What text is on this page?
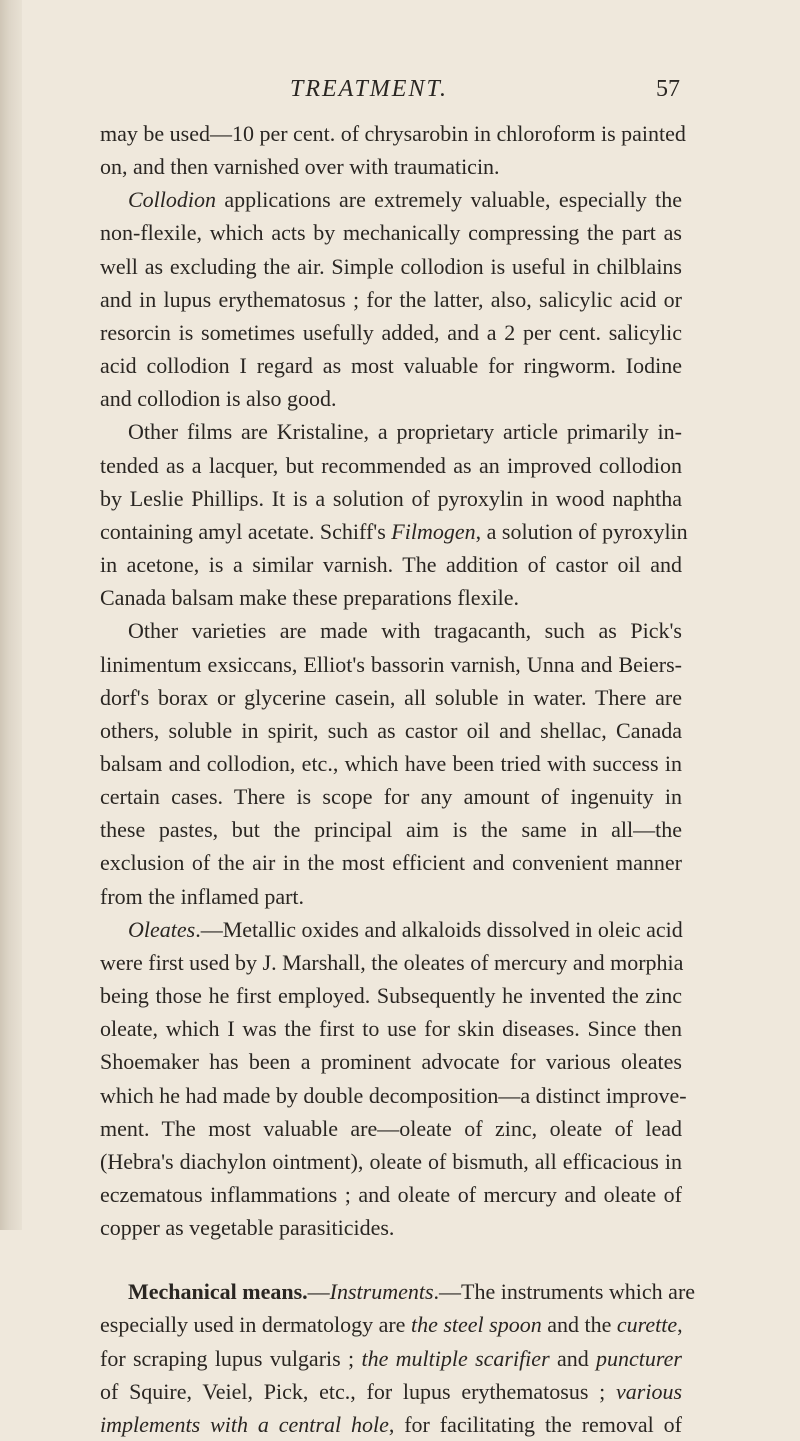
TREATMENT.	57
may be used—10 per cent. of chrysarobin in chloroform is painted
on, and then varnished over with traumaticin.
Collodion applications are extremely valuable, especially the
non-flexile, which acts by mechanically compressing the part as
well as excluding the air. Simple collodion is useful in chilblains
and in lupus erythematosus ; for the latter, also, salicylic acid or
resorcin is sometimes usefully added, and a 2 per cent. salicylic
acid collodion I regard as most valuable for ringworm. Iodine
and collodion is also good.
Other films are Kristaline, a proprietary article primarily in-
tended as a lacquer, but recommended as an improved collodion
by Leslie Phillips. It is a solution of pyroxylin in wood naphtha
containing amyl acetate. Schiff's Filmogen, a solution of pyroxylin
in acetone, is a similar varnish. The addition of castor oil and
Canada balsam make these preparations flexile.
Other varieties are made with tragacanth, such as Pick's
linimentum exsiccans, Elliot's bassorin varnish, Unna and Beiers-
dorf's borax or glycerine casein, all soluble in water. There are
others, soluble in spirit, such as castor oil and shellac, Canada
balsam and collodion, etc., which have been tried with success in
certain cases. There is scope for any amount of ingenuity in
these pastes, but the principal aim is the same in all—the
exclusion of the air in the most efficient and convenient manner
from the inflamed part.
Oleates.—Metallic oxides and alkaloids dissolved in oleic acid
were first used by J. Marshall, the oleates of mercury and morphia
being those he first employed. Subsequently he invented the zinc
oleate, which I was the first to use for skin diseases. Since then
Shoemaker has been a prominent advocate for various oleates
which he had made by double decomposition—a distinct improve-
ment. The most valuable are—oleate of zinc, oleate of lead
(Hebra's diachylon ointment), oleate of bismuth, all efficacious in
eczematous inflammations ; and oleate of mercury and oleate of
copper as vegetable parasiticides.
Mechanical means.—Instruments.—The instruments which are
especially used in dermatology are the steel spoon and the curette,
for scraping lupus vulgaris ; the multiple scarifier and puncturer
of Squire, Veiel, Pick, etc., for lupus erythematosus ; various
implements with a central hole, for facilitating the removal of
